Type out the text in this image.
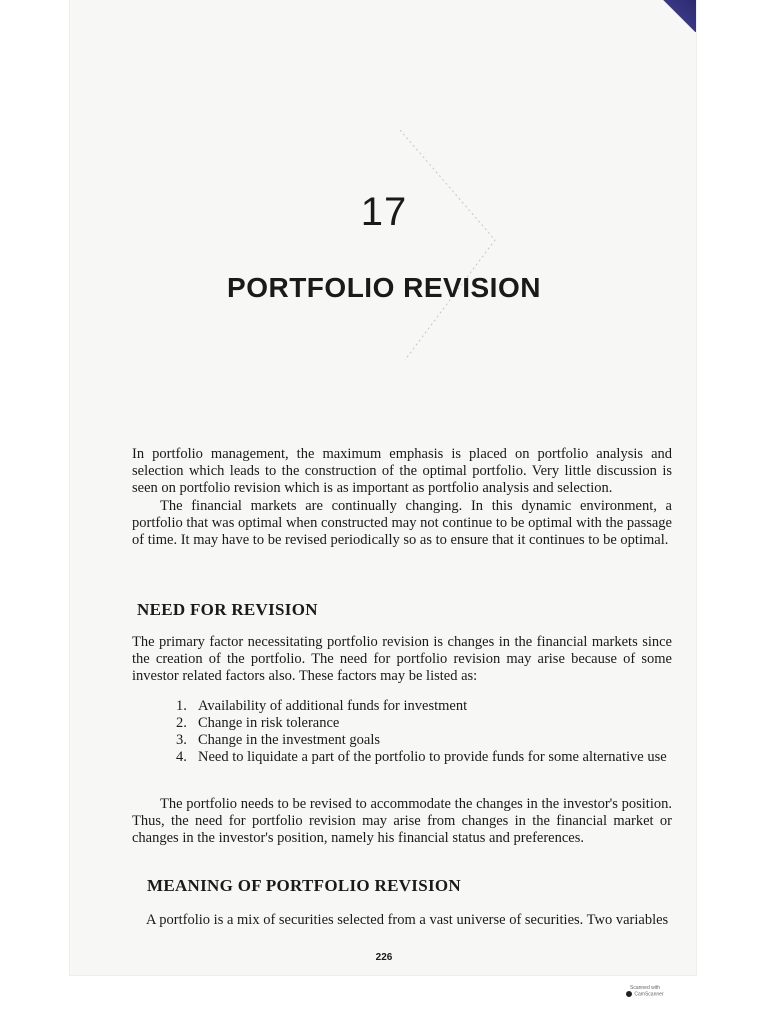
17
PORTFOLIO REVISION
In portfolio management, the maximum emphasis is placed on portfolio analysis and selection which leads to the construction of the optimal portfolio. Very little discussion is seen on portfolio revision which is as important as portfolio analysis and selection.
The financial markets are continually changing. In this dynamic environment, a portfolio that was optimal when constructed may not continue to be optimal with the passage of time. It may have to be revised periodically so as to ensure that it continues to be optimal.
NEED FOR REVISION
The primary factor necessitating portfolio revision is changes in the financial markets since the creation of the portfolio. The need for portfolio revision may arise because of some investor related factors also. These factors may be listed as:
1. Availability of additional funds for investment
2. Change in risk tolerance
3. Change in the investment goals
4. Need to liquidate a part of the portfolio to provide funds for some alternative use
The portfolio needs to be revised to accommodate the changes in the investor's position. Thus, the need for portfolio revision may arise from changes in the financial market or changes in the investor's position, namely his financial status and preferences.
MEANING OF PORTFOLIO REVISION
A portfolio is a mix of securities selected from a vast universe of securities. Two variables
226
Scanned with
CamScanner
